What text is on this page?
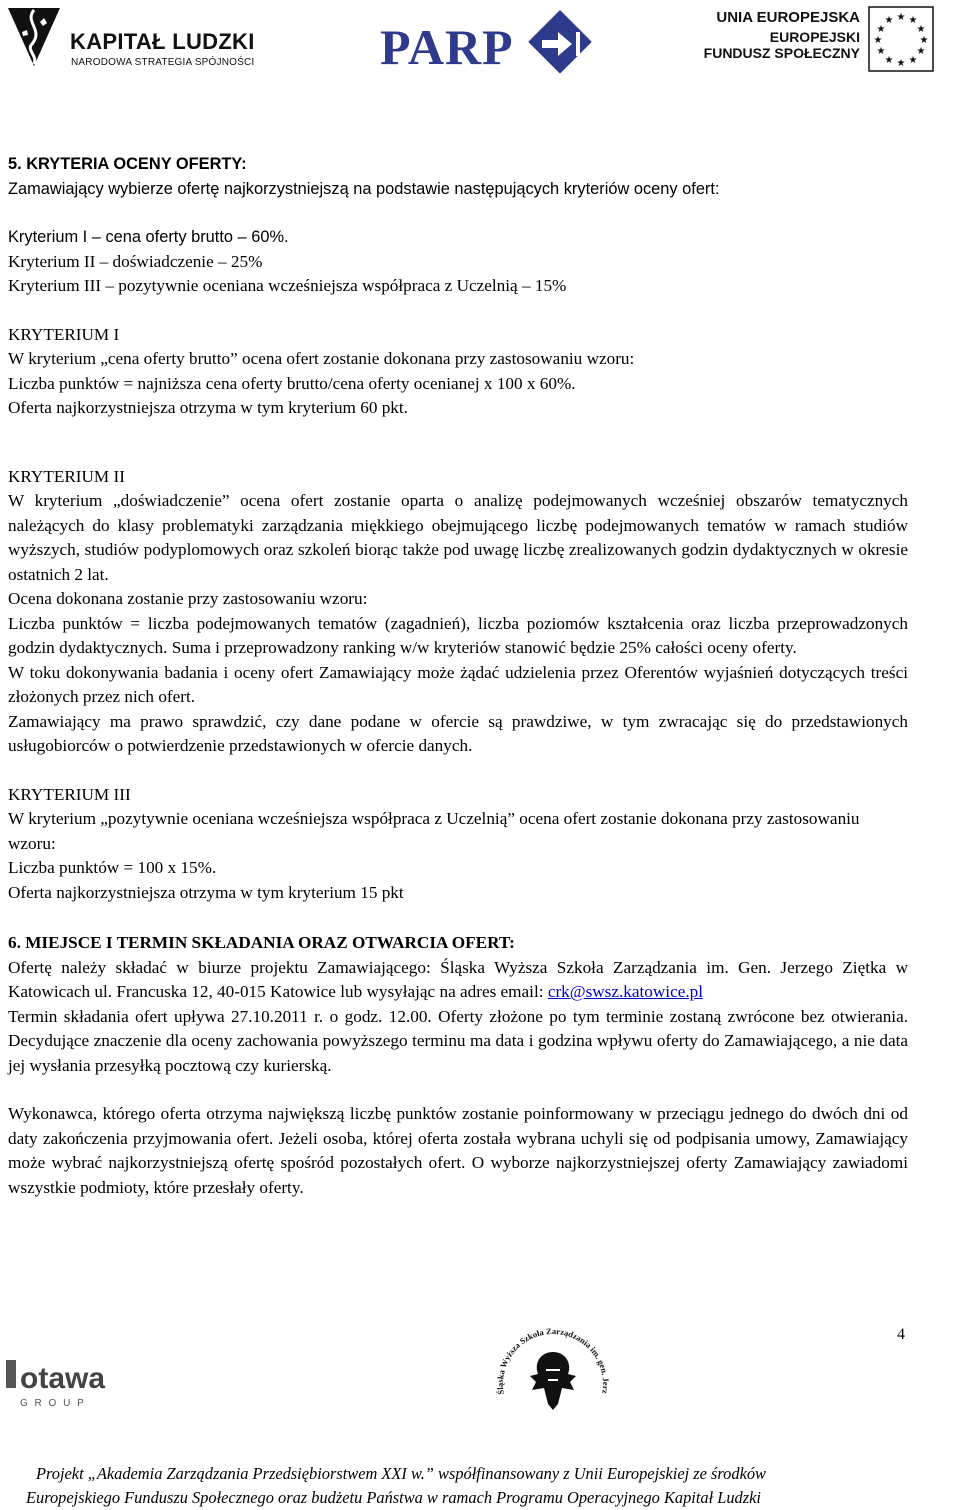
KAPITAŁ LUDZKI
NARODOWA STRATEGIA SPÓJNOŚCI	PARP
UNIA EUROPEJSKA
EUROPEJSKI
FUNDUSZ SPOŁECZNY
★ ★
★
★
★
★
★
★
★
★
★
★

5. KRYTERIA OCENY OFERTY:

Zamawiający wybierze ofertę najkorzystniejszą na podstawie następujących kryteriów oceny ofert:

Kryterium I – cena oferty brutto – 60%.

Kryterium II – doświadczenie – 25%

Kryterium III – pozytywnie oceniana wcześniejsza współpraca z Uczelnią – 15%

KRYTERIUM I

W kryterium „cena oferty brutto” ocena ofert zostanie dokonana przy zastosowaniu wzoru:

Liczba punktów = najniższa cena oferty brutto/cena oferty ocenianej x 100 x 60%.

Oferta najkorzystniejsza otrzyma w tym kryterium 60 pkt.

KRYTERIUM II

W kryterium „doświadczenie” ocena ofert zostanie oparta o analizę podejmowanych wcześniej obszarów tematycznych należących do klasy problematyki zarządzania miękkiego obejmującego liczbę podejmowanych tematów w ramach studiów wyższych, studiów podyplomowych oraz szkoleń biorąc także pod uwagę liczbę zrealizowanych godzin dydaktycznych w okresie ostatnich 2 lat.

Ocena dokonana zostanie przy zastosowaniu wzoru:

Liczba punktów = liczba podejmowanych tematów (zagadnień), liczba poziomów kształcenia oraz liczba przeprowadzonych godzin dydaktycznych. Suma i przeprowadzony ranking w/w kryteriów stanowić będzie 25% całości oceny oferty.

W toku dokonywania badania i oceny ofert Zamawiający może żądać udzielenia przez Oferentów wyjaśnień dotyczących treści złożonych przez nich ofert.

Zamawiający ma prawo sprawdzić, czy dane podane w ofercie są prawdziwe, w tym zwracając się do przedstawionych usługobiorców o potwierdzenie przedstawionych w ofercie danych.

KRYTERIUM III

W kryterium „pozytywnie oceniana wcześniejsza współpraca z Uczelnią” ocena ofert zostanie dokonana przy zastosowaniu wzoru:

Liczba punktów = 100 x 15%.

Oferta najkorzystniejsza otrzyma w tym kryterium 15 pkt

6. MIEJSCE I TERMIN SKŁADANIA ORAZ OTWARCIA OFERT:

Ofertę należy składać w biurze projektu Zamawiającego: Śląska Wyższa Szkoła Zarządzania im. Gen. Jerzego Ziętka w Katowicach ul. Francuska 12, 40-015 Katowice lub wysyłając na adres email: crk@swsz.katowice.pl

Termin składania ofert upływa 27.10.2011 r. o godz. 12.00. Oferty złożone po tym terminie zostaną zwrócone bez otwierania. Decydujące znaczenie dla oceny zachowania powyższego terminu ma data i godzina wpływu oferty do Zamawiającego, a nie data jej wysłania przesyłką pocztową czy kurierską.

Wykonawca, którego oferta otrzyma największą liczbę punktów zostanie poinformowany w przeciągu jednego do dwóch dni od daty zakończenia przyjmowania ofert. Jeżeli osoba, której oferta została wybrana uchyli się od podpisania umowy, Zamawiający może wybrać najkorzystniejszą ofertę spośród pozostałych ofert. O wyborze najkorzystniejszej oferty Zamawiający zawiadomi wszystkie podmioty, które przesłały oferty.

4
otawa
G R O U P
Śląska Wyższa Szkoła Zarządzania im. gen. Jerz
Projekt „Akademia Zarządzania Przedsiębiorstwem XXI w.” współfinansowany z Unii Europejskiej ze środków
Europejskiego Funduszu Społecznego oraz budżetu Państwa w ramach Programu Operacyjnego Kapitał Ludzki
